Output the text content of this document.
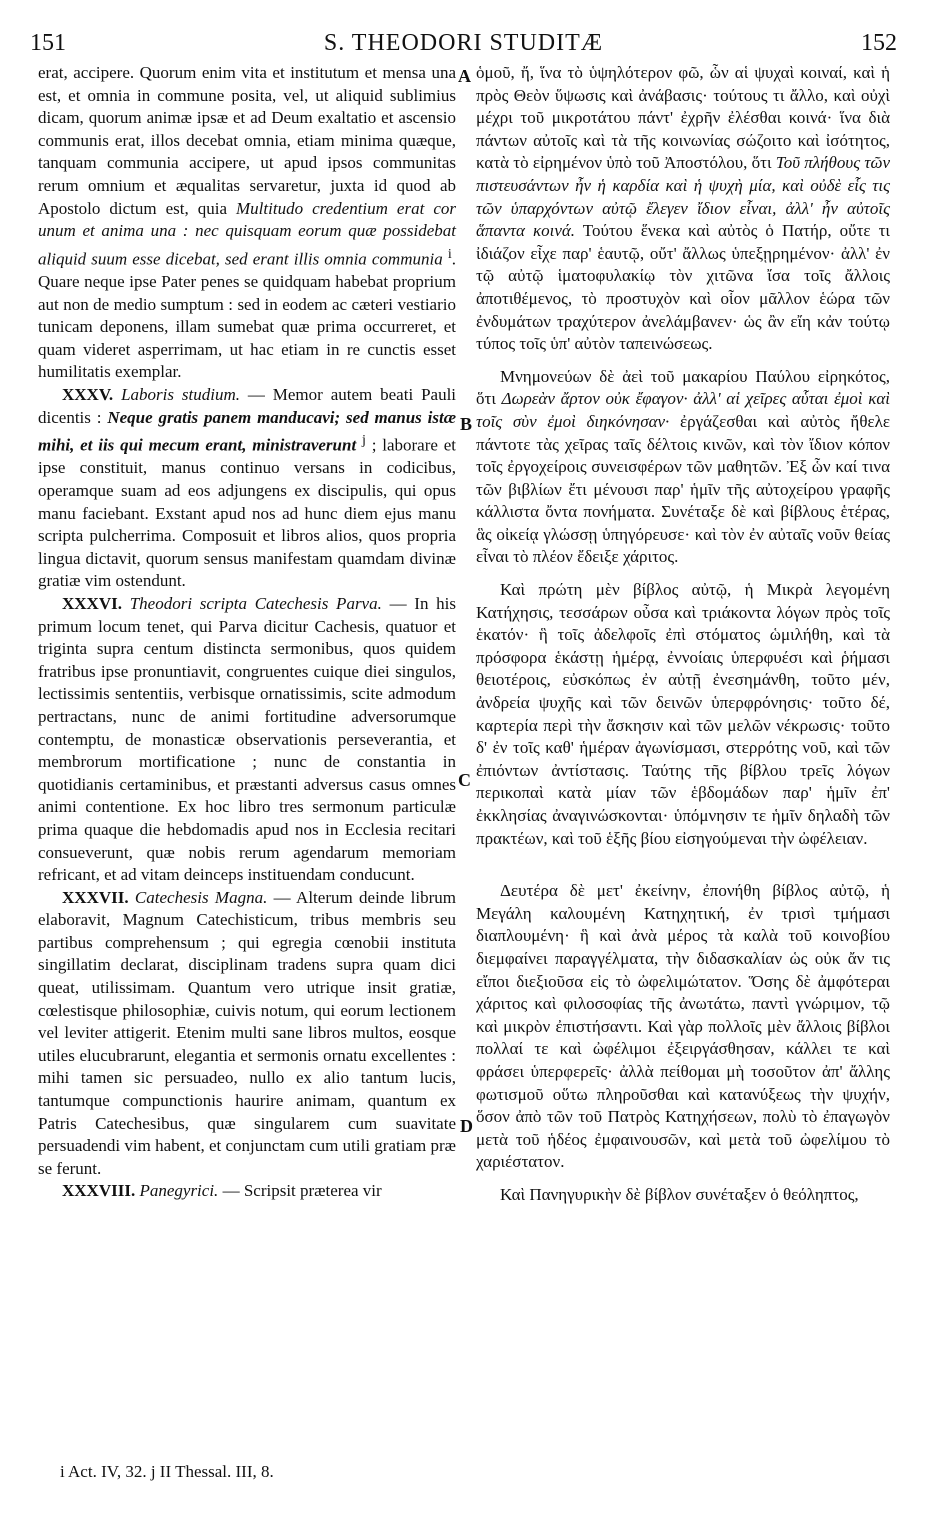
151	S. THEODORI STUDITÆ	152

erat, accipere. Quorum enim vita et institutum et mensa una est, et omnia in commune posita, vel, ut aliquid sublimius dicam, quorum animæ ipsæ et ad Deum exaltatio et ascensio communis erat, illos decebat omnia, etiam minima quæque, tanquam communia accipere, ut apud ipsos communitas rerum omnium et æqualitas servaretur, juxta id quod ab Apostolo dictum est, quia Multitudo credentium erat cor unum et anima una : nec quisquam eorum quæ possidebat aliquid suum esse dicebat, sed erant illis omnia communia $^i$. Quare neque ipse Pater penes se quidquam habebat proprium aut non de medio sumptum : sed in eodem ac cæteri vestiario tunicam deponens, illam sumebat quæ prima occurreret, et quam videret asperrimam, ut hac etiam in re cunctis esset humilitatis exemplar.

XXXV. Laboris studium. — Memor autem beati Pauli dicentis : Neque gratis panem manducavi; sed manus istæ mihi, et iis qui mecum erant, ministraverunt $^j$ ; laborare et ipse constituit, manus continuo versans in codicibus, operamque suam ad eos adjungens ex discipulis, qui opus manu faciebant. Exstant apud nos ad hunc diem ejus manu scripta pulcherrima. Composuit et libros alios, quos propria lingua dictavit, quorum sensus manifestam quamdam divinæ gratiæ vim ostendunt.

XXXVI. Theodori scripta Catechesis Parva. — In his primum locum tenet, qui Parva dicitur Cachesis, quatuor et triginta supra centum distincta sermonibus, quos quidem fratribus ipse pronuntiavit, congruentes cuique diei singulos, lectissimis sententiis, verbisque ornatissimis, scite admodum pertractans, nunc de animi fortitudine adversorumque contemptu, de monasticæ observationis perseverantia, et membrorum mortificatione ; nunc de constantia in quotidianis certaminibus, et præstanti adversus casus omnes animi contentione. Ex hoc libro tres sermonum particulæ prima quaque die hebdomadis apud nos in Ecclesia recitari consueverunt, quæ nobis rerum agendarum memoriam refricant, et ad vitam deinceps instituendam conducunt.

XXXVII. Catechesis Magna. — Alterum deinde librum elaboravit, Magnum Catechisticum, tribus membris seu partibus comprehensum ; qui egregia cœnobii instituta singillatim declarat, disciplinam tradens supra quam dici queat, utilissimam. Quantum vero utrique insit gratiæ, cœlestisque philosophiæ, cuivis notum, qui eorum lectionem vel leviter attigerit. Etenim multi sane libros multos, eosque utiles elucubrarunt, elegantia et sermonis ornatu excellentes : mihi tamen sic persuadeo, nullo ex alio tantum lucis, tantumque compunctionis haurire animam, quantum ex Patris Catechesibus, quæ singularem cum suavitate persuadendi vim habent, et conjunctam cum utili gratiam præ se ferunt.

XXXVIII. Panegyrici. — Scripsit præterea vir

A
B
C
D

ὁμοῦ, ἤ, ἵνα τὸ ὑψηλότερον φῶ, ὧν αἱ ψυχαὶ κοιναί, καὶ ἡ πρὸς Θεὸν ὕψωσις καὶ ἀνάβασις· τούτους τι ἄλλο, καὶ οὐχὶ μέχρι τοῦ μικροτάτου πάντ' ἐχρῆν ἐλέσθαι κοινά· ἵνα διὰ πάντων αὐτοῖς καὶ τὰ τῆς κοινωνίας σώζοιτο καὶ ἰσότητος, κατὰ τὸ εἰρημένον ὑπὸ τοῦ Ἀποστόλου, ὅτι Τοῦ πλήθους τῶν πιστευσάντων ἦν ἡ καρδία καὶ ἡ ψυχὴ μία, καὶ οὐδὲ εἷς τις τῶν ὑπαρχόντων αὐτῷ ἔλεγεν ἴδιον εἶναι, ἀλλ' ἦν αὐτοῖς ἅπαντα κοινά. Τούτου ἕνεκα καὶ αὐτὸς ὁ Πατήρ, οὔτε τι ἰδιάζον εἶχε παρ' ἑαυτῷ, οὔτ' ἄλλως ὑπεξῃρημένον· ἀλλ' ἐν τῷ αὐτῷ ἱματοφυλακίῳ τὸν χιτῶνα ἴσα τοῖς ἄλλοις ἀποτιθέμενος, τὸ προστυχὸν καὶ οἷον μᾶλλον ἑώρα τῶν ἐνδυμάτων τραχύτερον ἀνελάμβανεν· ὡς ἂν εἴη κἀν τούτῳ τύπος τοῖς ὑπ' αὐτὸν ταπεινώσεως.

Μνημονεύων δὲ ἀεὶ τοῦ μακαρίου Παύλου εἰρηκότος, ὅτι Δωρεὰν ἄρτον οὐκ ἔφαγον· ἀλλ' αἱ χεῖρες αὗται ἐμοὶ καὶ τοῖς σὺν ἐμοὶ διηκόνησαν· ἐργάζεσθαι καὶ αὐτὸς ἤθελε πάντοτε τὰς χεῖρας ταῖς δέλτοις κινῶν, καὶ τὸν ἴδιον κόπον τοῖς ἐργοχείροις συνεισφέρων τῶν μαθητῶν. Ἐξ ὧν καί τινα τῶν βιβλίων ἔτι μένουσι παρ' ἡμῖν τῆς αὐτοχείρου γραφῆς κάλλιστα ὄντα πονήματα. Συνέταξε δὲ καὶ βίβλους ἑτέρας, ἃς οἰκείᾳ γλώσσῃ ὑπηγόρευσε· καὶ τὸν ἐν αὐταῖς νοῦν θείας εἶναι τὸ πλέον ἔδειξε χάριτος.

Καὶ πρώτη μὲν βίβλος αὐτῷ, ἡ Μικρὰ λεγομένη Κατήχησις, τεσσάρων οὖσα καὶ τριάκοντα λόγων πρὸς τοῖς ἑκατόν· ἣ τοῖς ἀδελφοῖς ἐπὶ στόματος ὡμιλήθη, καὶ τὰ πρόσφορα ἑκάστῃ ἡμέρᾳ, ἐννοίαις ὑπερφυέσι καὶ ῥήμασι θειοτέροις, εὐσκόπως ἐν αὐτῇ ἐνεσημάνθη, τοῦτο μέν, ἀνδρεία ψυχῆς καὶ τῶν δεινῶν ὑπερφρόνησις· τοῦτο δέ, καρτερία περὶ τὴν ἄσκησιν καὶ τῶν μελῶν νέκρωσις· τοῦτο δ' ἐν τοῖς καθ' ἡμέραν ἀγωνίσμασι, στερρότης νοῦ, καὶ τῶν ἐπιόντων ἀντίστασις. Ταύτης τῆς βίβλου τρεῖς λόγων περικοπαὶ κατὰ μίαν τῶν ἑβδομάδων παρ' ἡμῖν ἐπ' ἐκκλησίας ἀναγινώσκονται· ὑπόμνησιν τε ἡμῖν δηλαδὴ τῶν πρακτέων, καὶ τοῦ ἑξῆς βίου εἰσηγούμεναι τὴν ὠφέλειαν.

Δευτέρα δὲ μετ' ἐκείνην, ἐπονήθη βίβλος αὐτῷ, ἡ Μεγάλη καλουμένη Κατηχητική, ἐν τρισὶ τμήμασι διαπλουμένη· ἣ καὶ ἀνὰ μέρος τὰ καλὰ τοῦ κοινοβίου διεμφαίνει παραγγέλματα, τὴν διδασκαλίαν ὡς οὐκ ἄν τις εἴποι διεξιοῦσα εἰς τὸ ὠφελιμώτατον. Ὅσης δὲ ἀμφότεραι χάριτος καὶ φιλοσοφίας τῆς ἀνωτάτω, παντὶ γνώριμον, τῷ καὶ μικρὸν ἐπιστήσαντι. Καὶ γὰρ πολλοῖς μὲν ἄλλοις βίβλοι πολλαί τε καὶ ὠφέλιμοι ἐξειργάσθησαν, κάλλει τε καὶ φράσει ὑπερφερεῖς· ἀλλὰ πείθομαι μὴ τοσοῦτον ἀπ' ἄλλης φωτισμοῦ οὕτω πληροῦσθαι καὶ κατανύξεως τὴν ψυχήν, ὅσον ἀπὸ τῶν τοῦ Πατρὸς Κατηχήσεων, πολὺ τὸ ἐπαγωγὸν μετὰ τοῦ ἡδέος ἐμφαινουσῶν, καὶ μετὰ τοῦ ὠφελίμου τὸ χαριέστατον.

Καὶ Πανηγυρικὴν δὲ βίβλον συνέταξεν ὁ θεόληπτος,

i Act. IV, 32. j II Thessal. III, 8.
